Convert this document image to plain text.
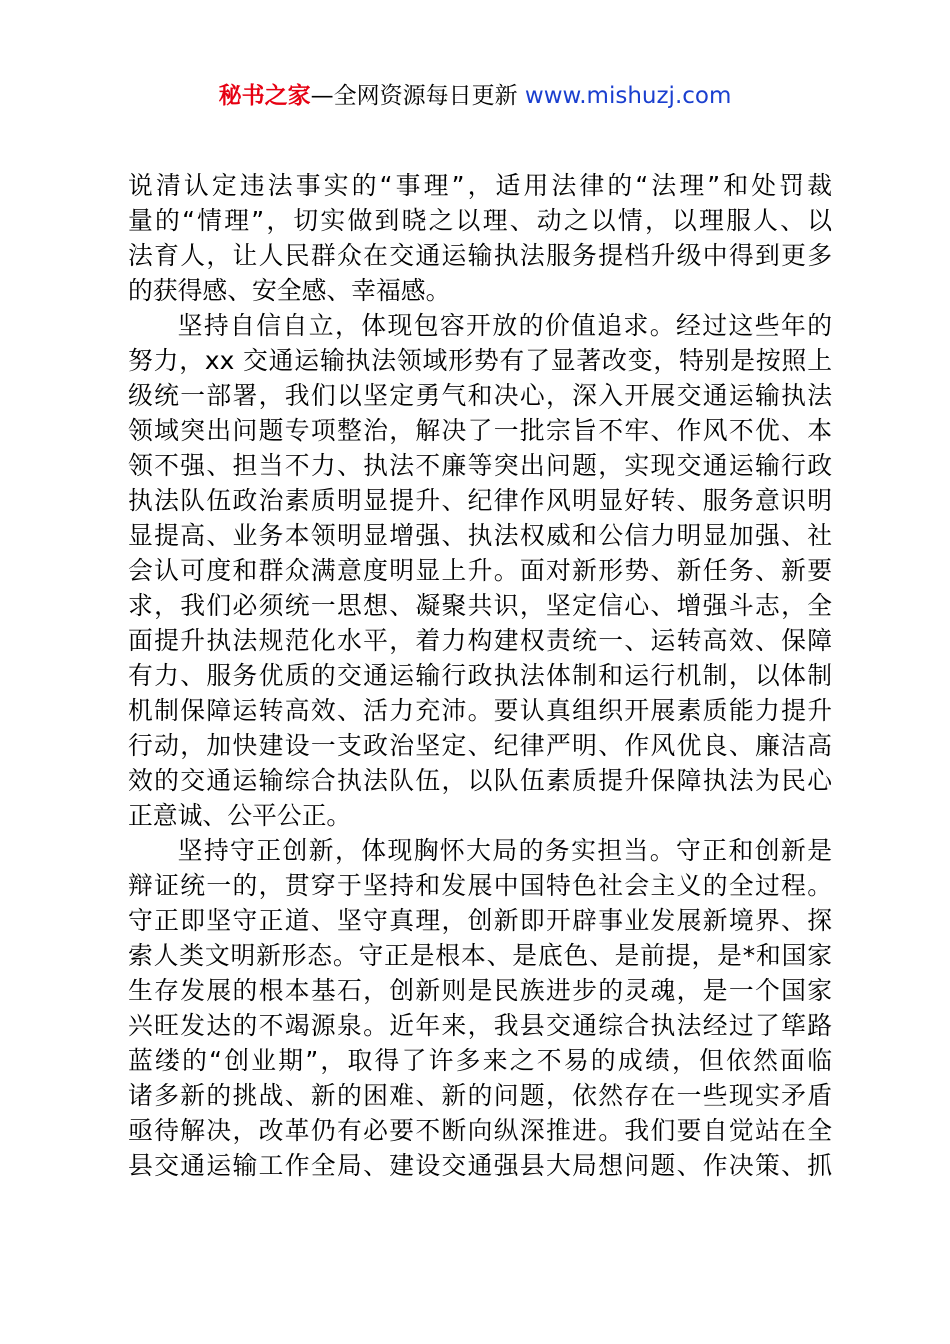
秘书之家—全网资源每日更新 www.mishuzj.com
说清认定违法事实的“事理”，适用法律的“法理”和处罚裁
量的“情理”，切实做到晓之以理、动之以情，以理服人、以
法育人，让人民群众在交通运输执法服务提档升级中得到更多
的获得感、安全感、幸福感。
坚持自信自立，体现包容开放的价值追求。经过这些年的
努力，xx 交通运输执法领域形势有了显著改变，特别是按照上
级统一部署，我们以坚定勇气和决心，深入开展交通运输执法
领域突出问题专项整治，解决了一批宗旨不牢、作风不优、本
领不强、担当不力、执法不廉等突出问题，实现交通运输行政
执法队伍政治素质明显提升、纪律作风明显好转、服务意识明
显提高、业务本领明显增强、执法权威和公信力明显加强、社
会认可度和群众满意度明显上升。面对新形势、新任务、新要
求，我们必须统一思想、凝聚共识，坚定信心、增强斗志，全
面提升执法规范化水平，着力构建权责统一、运转高效、保障
有力、服务优质的交通运输行政执法体制和运行机制，以体制
机制保障运转高效、活力充沛。要认真组织开展素质能力提升
行动，加快建设一支政治坚定、纪律严明、作风优良、廉洁高
效的交通运输综合执法队伍，以队伍素质提升保障执法为民心
正意诚、公平公正。
坚持守正创新，体现胸怀大局的务实担当。守正和创新是
辩证统一的，贯穿于坚持和发展中国特色社会主义的全过程。
守正即坚守正道、坚守真理，创新即开辟事业发展新境界、探
索人类文明新形态。守正是根本、是底色、是前提，是*和国家
生存发展的根本基石，创新则是民族进步的灵魂，是一个国家
兴旺发达的不竭源泉。近年来，我县交通综合执法经过了筚路
蓝缕的“创业期”，取得了许多来之不易的成绩，但依然面临
诸多新的挑战、新的困难、新的问题，依然存在一些现实矛盾
亟待解决，改革仍有必要不断向纵深推进。我们要自觉站在全
县交通运输工作全局、建设交通强县大局想问题、作决策、抓
